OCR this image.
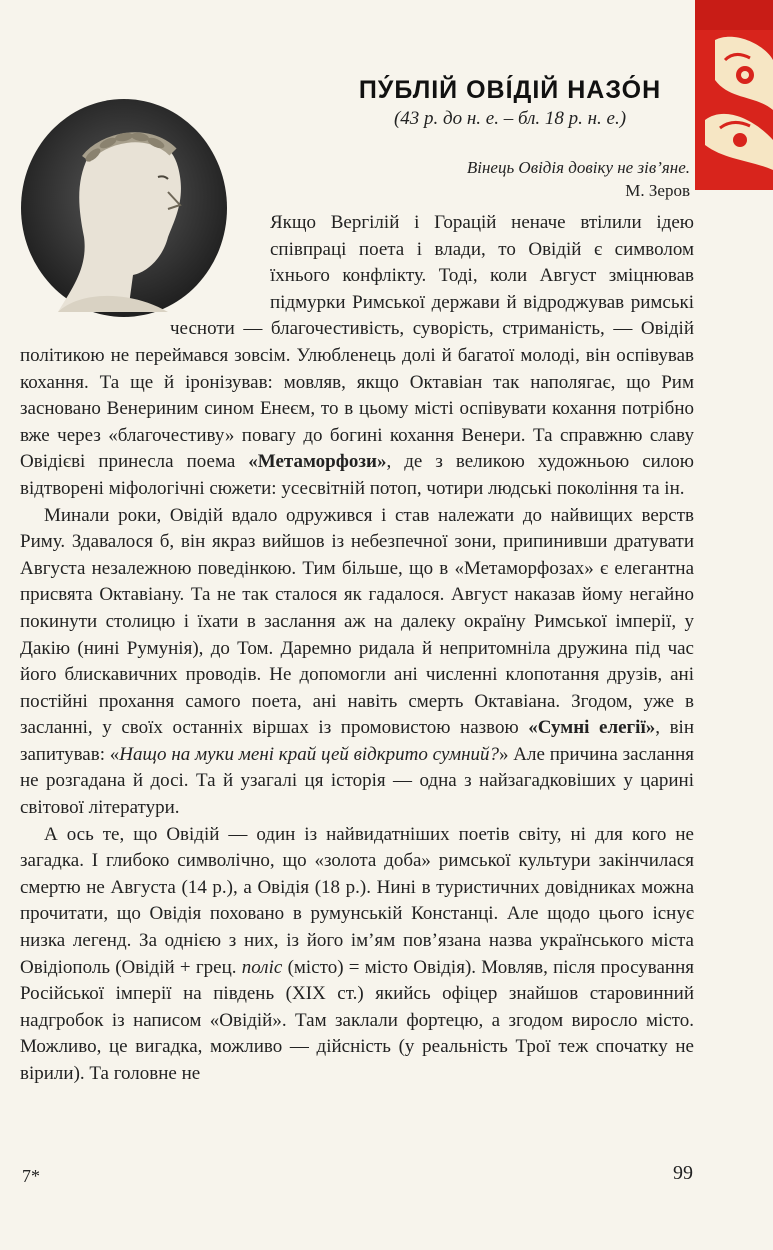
ПУ́БЛІЙ ОВІ́ДІЙ НАЗО́Н
(43 р. до н. е. – бл. 18 р. н. е.)
Вінець Овідія довіку не зів’яне.
М. Зеров

Якщо Вергілій і Горацій неначе втілили ідею співпраці поета і влади, то Овідій є символом їхнього конфлікту. Тоді, коли Август зміцнював підмурки Римської держави й відроджував римські чесноти — благочестивість, суворість, стриманість, — Овідій політикою не переймався зовсім. Улюбленець долі й багатої молоді, він оспівував кохання. Та ще й іронізував: мовляв, якщо Октавіан так наполягає, що Рим засновано Венериним сином Енеєм, то в цьому місті оспівувати кохання потрібно вже через «благочестиву» повагу до богині кохання Венери. Та справжню славу Овідієві принесла поема «Метаморфози», де з великою художньою силою відтворені міфологічні сюжети: усесвітній потоп, чотири людські покоління та ін.

Минали роки, Овідій вдало одружився і став належати до найвищих верств Риму. Здавалося б, він якраз вийшов із небезпечної зони, припинивши дратувати Августа незалежною поведінкою. Тим більше, що в «Метаморфозах» є елегантна присвята Октавіану. Та не так сталося як гадалося. Август наказав йому негайно покинути столицю і їхати в заслання аж на далеку окраїну Римської імперії, у Дакію (нині Румунія), до Том. Даремно ридала й непритомніла дружина під час його блискавичних проводів. Не допомогли ані численні клопотання друзів, ані постійні прохання самого поета, ані навіть смерть Октавіана. Згодом, уже в засланні, у своїх останніх віршах із промовистою назвою «Сумні елегії», він запитував: «Нащо на муки мені край цей відкрито сумний?» Але причина заслання не розгадана й досі. Та й узагалі ця історія — одна з найзагадковіших у царині світової літератури.

А ось те, що Овідій — один із найвидатніших поетів світу, ні для кого не загадка. І глибоко символічно, що «золота доба» римської культури закінчилася смертю не Августа (14 р.), а Овідія (18 р.). Нині в туристичних довідниках можна прочитати, що Овідія поховано в румунській Констанці. Але щодо цього існує низка легенд. За однією з них, із його ім’ям пов’язана назва українського міста Овідіополь (Овідій + грец. поліс (місто) = місто Овідія). Мовляв, після просування Російської імперії на південь (XIX ст.) якийсь офіцер знайшов старовинний надгробок із написом «Овідій». Там заклали фортецю, а згодом виросло місто. Можливо, це вигадка, можливо — дійсність (у реальність Трої теж спочатку не вірили). Та головне не

7*	99
